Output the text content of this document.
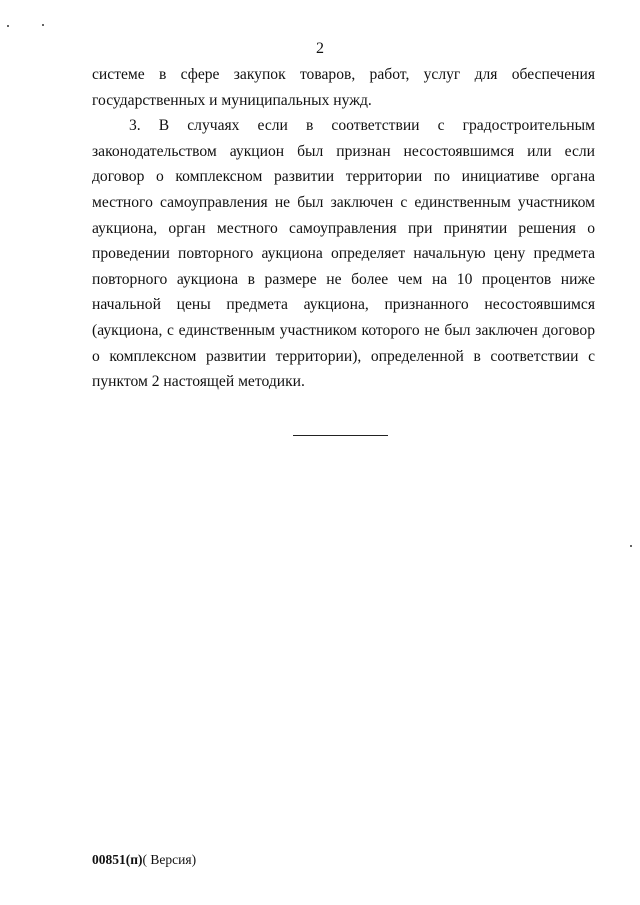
2

системе в сфере закупок товаров, работ, услуг для обеспечения государственных и муниципальных нужд.

3. В случаях если в соответствии с градостроительным законодательством аукцион был признан несостоявшимся или если договор о комплексном развитии территории по инициативе органа местного самоуправления не был заключен с единственным участником аукциона, орган местного самоуправления при принятии решения о проведении повторного аукциона определяет начальную цену предмета повторного аукциона в размере не более чем на 10 процентов ниже начальной цены предмета аукциона, признанного несостоявшимся (аукциона, с единственным участником которого не был заключен договор о комплексном развитии территории), определенной в соответствии с пунктом 2 настоящей методики.

00851(п)( Версия)
